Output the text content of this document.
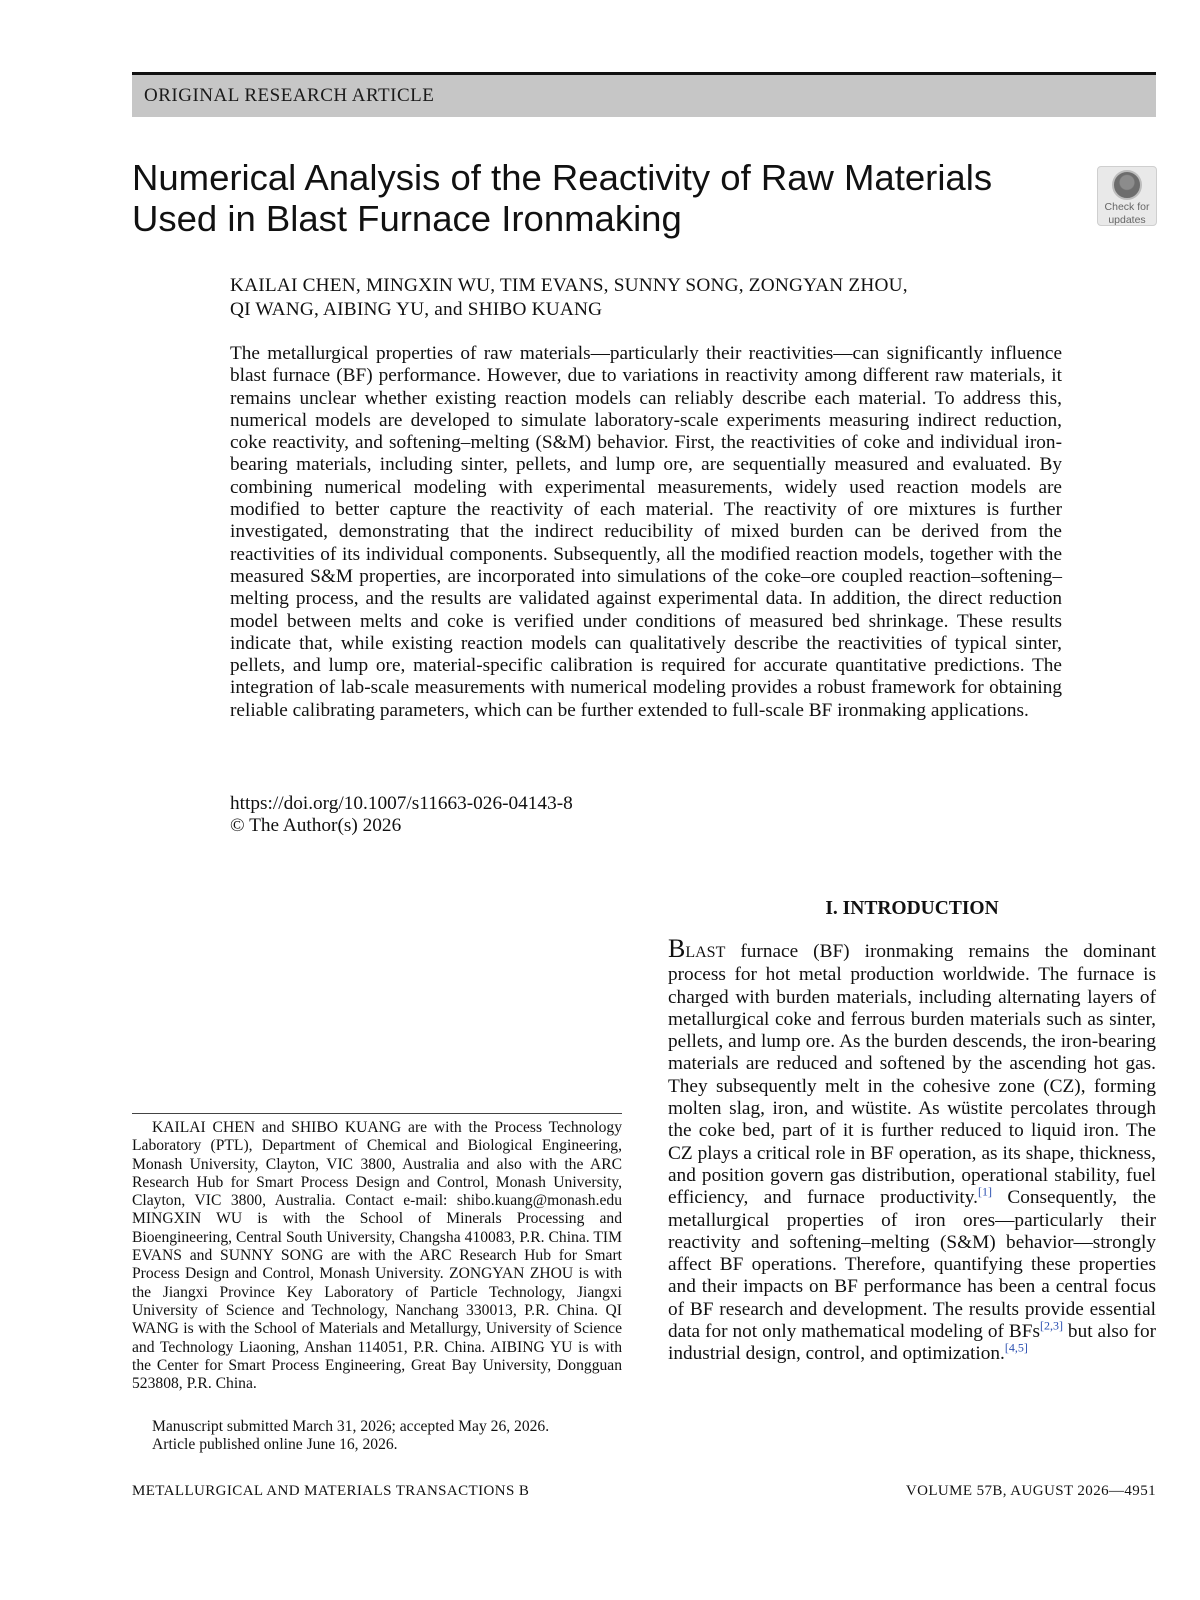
ORIGINAL RESEARCH ARTICLE
Numerical Analysis of the Reactivity of Raw Materials
Used in Blast Furnace Ironmaking	Check for
updates
KAILAI CHEN, MINGXIN WU, TIM EVANS, SUNNY SONG, ZONGYAN ZHOU,
QI WANG, AIBING YU, and SHIBO KUANG

The metallurgical properties of raw materials—particularly their reactivities—can significantly influence blast furnace (BF) performance. However, due to variations in reactivity among different raw materials, it remains unclear whether existing reaction models can reliably describe each material. To address this, numerical models are developed to simulate laboratory-scale experiments measuring indirect reduction, coke reactivity, and softening–melting (S&M) behavior. First, the reactivities of coke and individual iron-bearing materials, including sinter, pellets, and lump ore, are sequentially measured and evaluated. By combining numerical modeling with experimental measurements, widely used reaction models are modified to better capture the reactivity of each material. The reactivity of ore mixtures is further investigated, demonstrating that the indirect reducibility of mixed burden can be derived from the reactivities of its individual components. Subsequently, all the modified reaction models, together with the measured S&M properties, are incorporated into simulations of the coke–ore coupled reaction–softening–melting process, and the results are validated against experimental data. In addition, the direct reduction model between melts and coke is verified under conditions of measured bed shrinkage. These results indicate that, while existing reaction models can qualitatively describe the reactivities of typical sinter, pellets, and lump ore, material-specific calibration is required for accurate quantitative predictions. The integration of lab-scale measurements with numerical modeling provides a robust framework for obtaining reliable calibrating parameters, which can be further extended to full-scale BF ironmaking applications.

https://doi.org/10.1007/s11663-026-04143-8
© The Author(s) 2026
I. INTRODUCTION

BLAST furnace (BF) ironmaking remains the dominant process for hot metal production worldwide. The furnace is charged with burden materials, including alternating layers of metallurgical coke and ferrous burden materials such as sinter, pellets, and lump ore. As the burden descends, the iron-bearing materials are reduced and softened by the ascending hot gas. They subsequently melt in the cohesive zone (CZ), forming molten slag, iron, and wüstite. As wüstite percolates through the coke bed, part of it is further reduced to liquid iron. The CZ plays a critical role in BF operation, as its shape, thickness, and position govern gas distribution, operational stability, fuel efficiency, and furnace productivity.[1] Consequently, the metallurgical properties of iron ores—particularly their reactivity and softening–melting (S&M) behavior—strongly affect BF operations. Therefore, quantifying these properties and their impacts on BF performance has been a central focus of BF research and development. The results provide essential data for not only mathematical modeling of BFs[2,3] but also for industrial design, control, and optimization.[4,5]

KAILAI CHEN and SHIBO KUANG are with the Process Technology Laboratory (PTL), Department of Chemical and Biological Engineering, Monash University, Clayton, VIC 3800, Australia and also with the ARC Research Hub for Smart Process Design and Control, Monash University, Clayton, VIC 3800, Australia. Contact e-mail: shibo.kuang@monash.edu MINGXIN WU is with the School of Minerals Processing and Bioengineering, Central South University, Changsha 410083, P.R. China. TIM EVANS and SUNNY SONG are with the ARC Research Hub for Smart Process Design and Control, Monash University. ZONGYAN ZHOU is with the Jiangxi Province Key Laboratory of Particle Technology, Jiangxi University of Science and Technology, Nanchang 330013, P.R. China. QI WANG is with the School of Materials and Metallurgy, University of Science and Technology Liaoning, Anshan 114051, P.R. China. AIBING YU is with the Center for Smart Process Engineering, Great Bay University, Dongguan 523808, P.R. China.

Manuscript submitted March 31, 2026; accepted May 26, 2026.
Article published online June 16, 2026.
METALLURGICAL AND MATERIALS TRANSACTIONS B	VOLUME 57B, AUGUST 2026—4951
